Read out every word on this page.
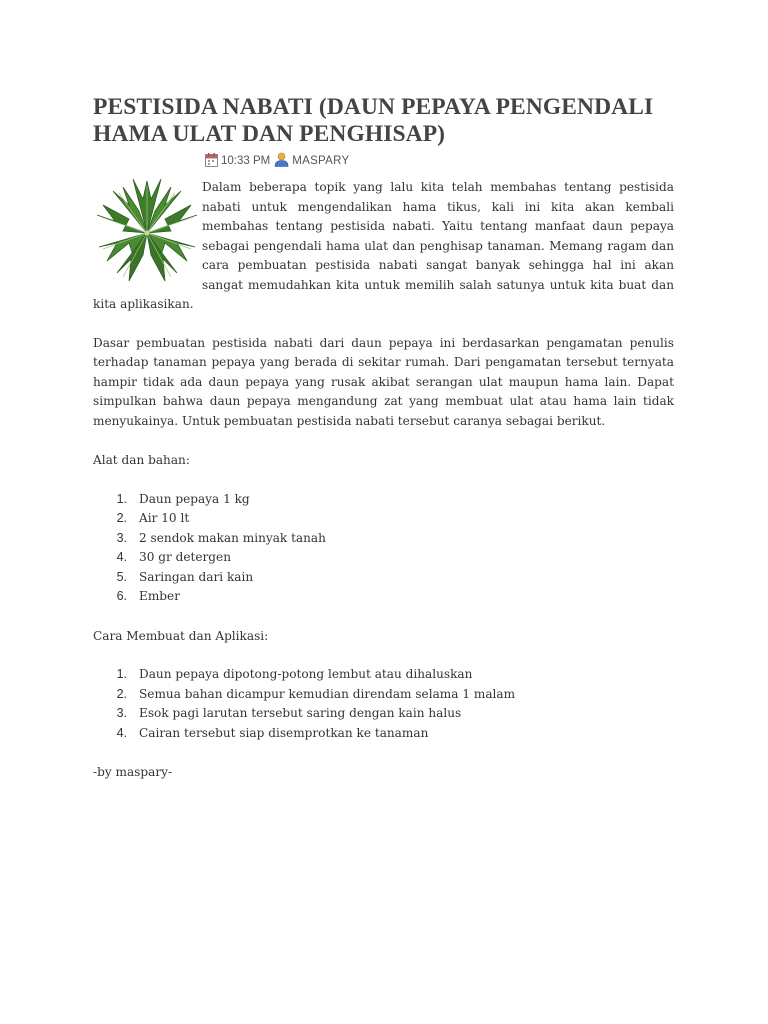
PESTISIDA NABATI (DAUN PEPAYA PENGENDALI HAMA ULAT DAN PENGHISAP)
10:33 PM MASPARY

Dalam beberapa topik yang lalu kita telah membahas tentang pestisida nabati untuk mengendalikan hama tikus, kali ini kita akan kembali membahas tentang pestisida nabati. Yaitu tentang manfaat daun pepaya sebagai pengendali hama ulat dan penghisap tanaman. Memang ragam dan cara pembuatan pestisida nabati sangat banyak sehingga hal ini akan sangat memudahkan kita untuk memilih salah satunya untuk kita buat dan kita aplikasikan.

Dasar pembuatan pestisida nabati dari daun pepaya ini berdasarkan pengamatan penulis terhadap tanaman pepaya yang berada di sekitar rumah. Dari pengamatan tersebut ternyata hampir tidak ada daun pepaya yang rusak akibat serangan ulat maupun hama lain. Dapat simpulkan bahwa daun pepaya mengandung zat yang membuat ulat atau hama lain tidak menyukainya. Untuk pembuatan pestisida nabati tersebut caranya sebagai berikut.

Alat dan bahan:

1. Daun pepaya 1 kg
2. Air 10 lt
3. 2 sendok makan minyak tanah
4. 30 gr detergen
5. Saringan dari kain
6. Ember

Cara Membuat dan Aplikasi:

1. Daun pepaya dipotong-potong lembut atau dihaluskan
2. Semua bahan dicampur kemudian direndam selama 1 malam
3. Esok pagi larutan tersebut saring dengan kain halus
4. Cairan tersebut siap disemprotkan ke tanaman

-by maspary-
